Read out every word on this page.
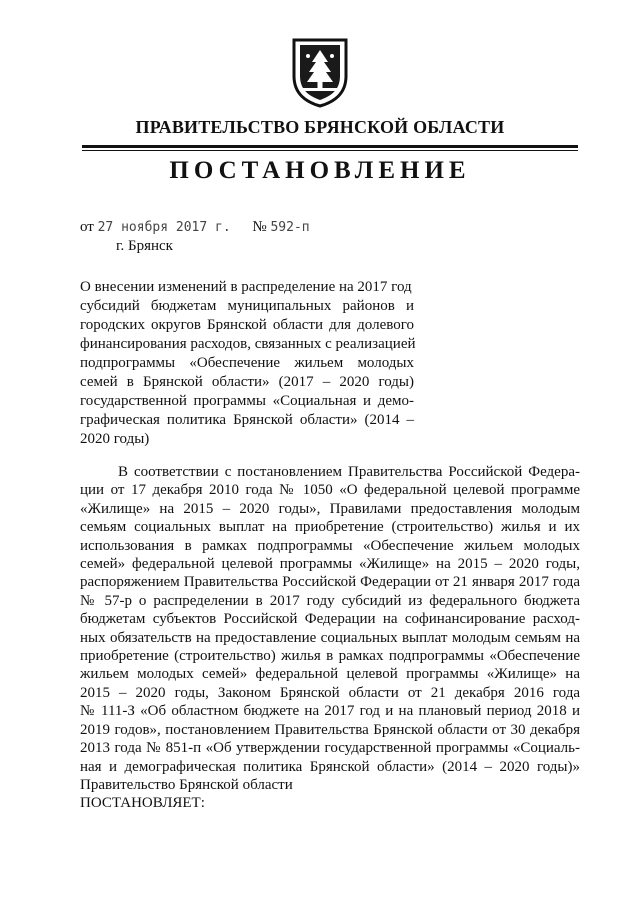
ПРАВИТЕЛЬСТВО БРЯНСКОЙ ОБЛАСТИ
ПОСТАНОВЛЕНИЕ
от 27 ноября 2017 г. № 592-п
г. Брянск
О внесении изменений в распределение на 2017 год
субсидий бюджетам муниципальных районов и
городских округов Брянской области для долевого
финансирования расходов, связанных с реализацией
подпрограммы «Обеспечение жильем молодых
семей в Брянской области» (2017 – 2020 годы)
государственной программы «Социальная и демо-
графическая политика Брянской области» (2014 –
2020 годы)
В соответствии с постановлением Правительства Российской Федера-
ции от 17 декабря 2010 года № 1050 «О федеральной целевой программе
«Жилище» на 2015 – 2020 годы», Правилами предоставления молодым
семьям социальных выплат на приобретение (строительство) жилья и их
использования в рамках подпрограммы «Обеспечение жильем молодых
семей» федеральной целевой программы «Жилище» на 2015 – 2020 годы,
распоряжением Правительства Российской Федерации от 21 января 2017 года
№ 57-р о распределении в 2017 году субсидий из федерального бюджета
бюджетам субъектов Российской Федерации на софинансирование расход-
ных обязательств на предоставление социальных выплат молодым семьям на
приобретение (строительство) жилья в рамках подпрограммы «Обеспечение
жильем молодых семей» федеральной целевой программы «Жилище» на
2015 – 2020 годы, Законом Брянской области от 21 декабря 2016 года
№ 111-З «Об областном бюджете на 2017 год и на плановый период 2018 и
2019 годов», постановлением Правительства Брянской области от 30 декабря
2013 года № 851-п «Об утверждении государственной программы «Социаль-
ная и демографическая политика Брянской области» (2014 – 2020 годы)»
Правительство Брянской области
ПОСТАНОВЛЯЕТ:
